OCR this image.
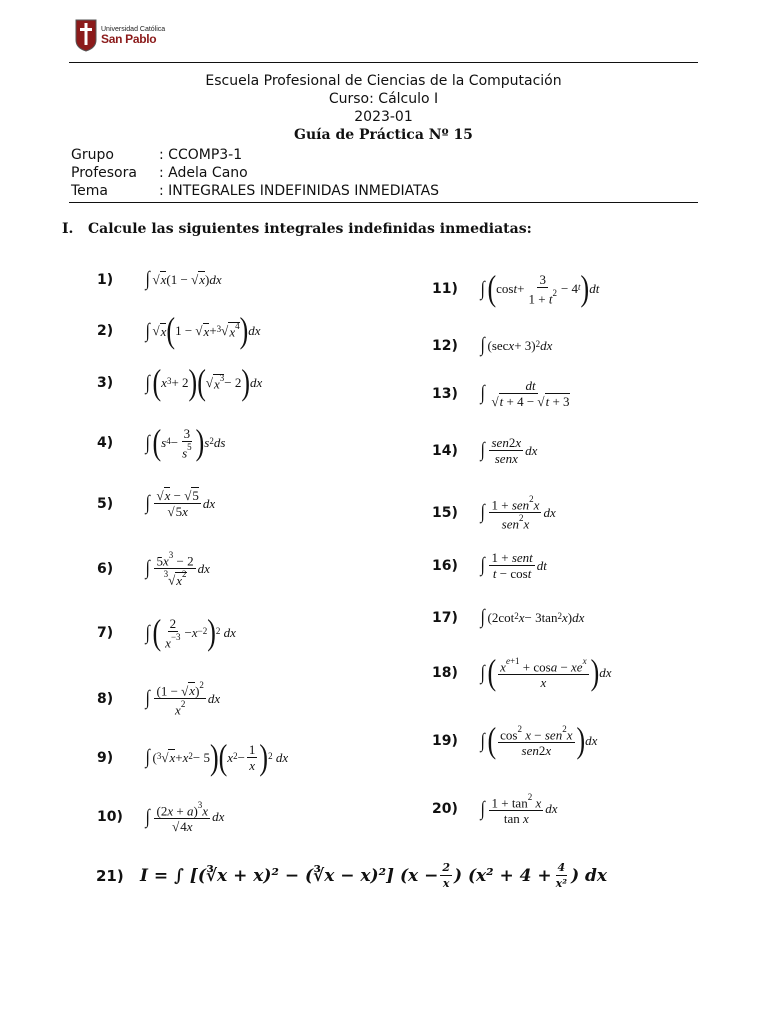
Universidad Católica
San Pablo
Escuela Profesional de Ciencias de la Computación
Curso: Cálculo I
2023-01
Guía de Práctica Nº 15
Grupo	: CCOMP3-1
Profesora	: Adela Cano
Tema	: INTEGRALES INDEFINIDAS INMEDIATAS
I. Calcule las siguientes integrales indefinidas inmediatas:
1)	∫ √ x (1 − √ x ) dx
2)	∫ √ x ( 1 − √ x + 3 √ $x^4$ ) dx
3)	∫ ( x 3 + 2 )( √ $x^3 - 2$ ) dx
4)	∫ ( s $4 - \frac{3}{s^5}$ ) s 2 ds
5)	∫ $\frac{√x - √5}{√5x}$ dx
6)	∫ $\frac{5x^3 - 2}{^3√x^2}$ dx
7)	∫ ( $\frac{2}{x^{-3}} - x -2$ ) 2
dx
8)	∫ $\frac{(1 - √x)^2}{x^2}$ dx
9)	∫ ( 3 √ x + x 2 − 5 )( x $2 - \frac{1}{x}$ ) 2
dx
10)	∫ $\frac{(2x + a)^3x}{√4x}$ dx
11)	∫ ( $\cos t + \frac{3}{1 + t^2} - 4$ t ) dt
12)	∫ (sec x + 3) 2 dx
13)	∫ $\frac{dt}{√t + 4 - √t + 3}$
14)	∫ $\frac{\text{sen2x}}{\text{senx}}$ dx
15)	∫ $\frac{1 + sen^2x}{sen^2x}$ dx
16)	∫ $\frac{\text{1 + sent}}{t - \cos t}$ dt
17)	∫ (2cot 2 x − 3tan 2 x ) dx
18)	∫ ( $\frac{x^{e+1} + \cos a - xe^x}{x}$ ) dx
19)	∫ ( $\frac{\cos^2 x - sen^2x}{\text{sen2x}}$ ) dx
20)	∫ $\frac{1 + \tan^2 x}{\text{tan x}}$ dx
21) I = ∫ [(∛x + x)² − (∛x − x)²] ($x - \frac{2}{x}$ ) ($x^2 + 4 + \frac{4}{\text{x²}}$ ) dx
